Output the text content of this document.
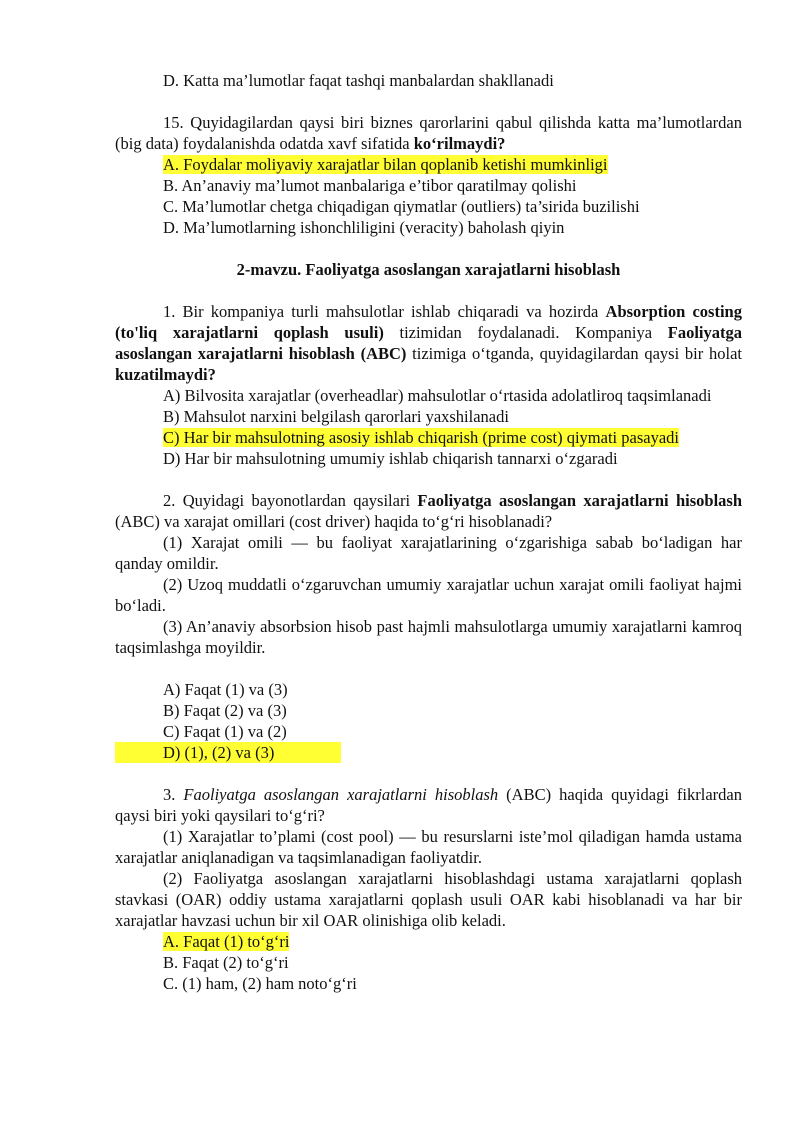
D. Katta ma’lumotlar faqat tashqi manbalardan shakllanadi

15. Quyidagilardan qaysi biri biznes qarorlarini qabul qilishda katta ma’lumotlardan (big data) foydalanishda odatda xavf sifatida ko‘rilmaydi?

A. Foydalar moliyaviy xarajatlar bilan qoplanib ketishi mumkinligi

B. An’anaviy ma’lumot manbalariga e’tibor qaratilmay qolishi

C. Ma’lumotlar chetga chiqadigan qiymatlar (outliers) ta’sirida buzilishi

D. Ma’lumotlarning ishonchliligini (veracity) baholash qiyin

2-mavzu. Faoliyatga asoslangan xarajatlarni hisoblash

1. Bir kompaniya turli mahsulotlar ishlab chiqaradi va hozirda Absorption costing (to'liq xarajatlarni qoplash usuli) tizimidan foydalanadi. Kompaniya Faoliyatga asoslangan xarajatlarni hisoblash (ABC) tizimiga o‘tganda, quyidagilardan qaysi bir holat kuzatilmaydi?

A) Bilvosita xarajatlar (overheadlar) mahsulotlar o‘rtasida adolatliroq taqsimlanadi

B) Mahsulot narxini belgilash qarorlari yaxshilanadi

C) Har bir mahsulotning asosiy ishlab chiqarish (prime cost) qiymati pasayadi

D) Har bir mahsulotning umumiy ishlab chiqarish tannarxi o‘zgaradi

2. Quyidagi bayonotlardan qaysilari Faoliyatga asoslangan xarajatlarni hisoblash (ABC) va xarajat omillari (cost driver) haqida to‘g‘ri hisoblanadi?

(1) Xarajat omili — bu faoliyat xarajatlarining o‘zgarishiga sabab bo‘ladigan har qanday omildir.

(2) Uzoq muddatli o‘zgaruvchan umumiy xarajatlar uchun xarajat omili faoliyat hajmi bo‘ladi.

(3) An’anaviy absorbsion hisob past hajmli mahsulotlarga umumiy xarajatlarni kamroq taqsimlashga moyildir.

A) Faqat (1) va (3)

B) Faqat (2) va (3)

C) Faqat (1) va (2)

D) (1), (2) va (3)

3. Faoliyatga asoslangan xarajatlarni hisoblash (ABC) haqida quyidagi fikrlardan qaysi biri yoki qaysilari to‘g‘ri?

(1) Xarajatlar to’plami (cost pool) — bu resurslarni iste’mol qiladigan hamda ustama xarajatlar aniqlanadigan va taqsimlanadigan faoliyatdir.

(2) Faoliyatga asoslangan xarajatlarni hisoblashdagi ustama xarajatlarni qoplash stavkasi (OAR) oddiy ustama xarajatlarni qoplash usuli OAR kabi hisoblanadi va har bir xarajatlar havzasi uchun bir xil OAR olinishiga olib keladi.

A. Faqat (1) to‘g‘ri

B. Faqat (2) to‘g‘ri

C. (1) ham, (2) ham noto‘g‘ri
